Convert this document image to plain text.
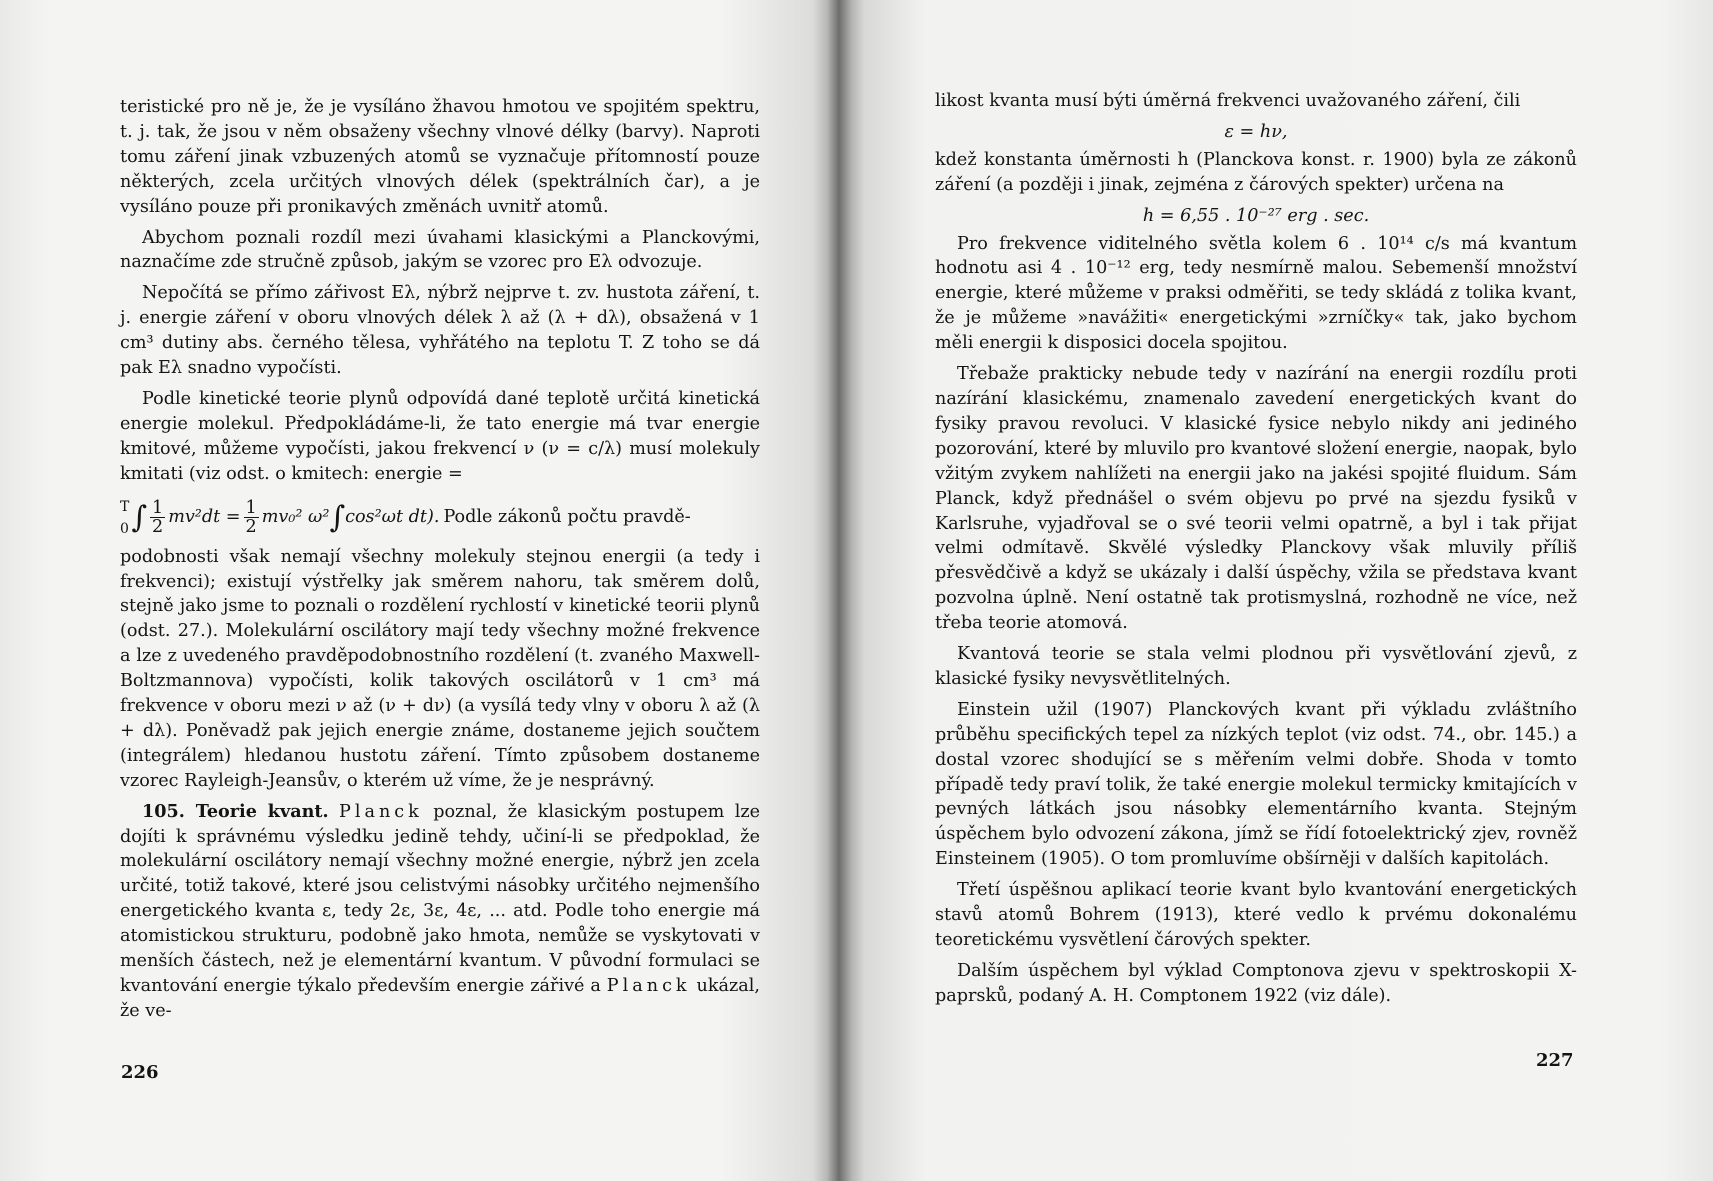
teristické pro ně je, že je vysíláno žhavou hmotou ve spojitém spektru, t. j. tak, že jsou v něm obsaženy všechny vlnové délky (barvy). Naproti tomu záření jinak vzbuzených atomů se vyznačuje přítomností pouze některých, zcela určitých vlnových délek (spektrálních čar), a je vysíláno pouze při pronikavých změnách uvnitř atomů.

Abychom poznali rozdíl mezi úvahami klasickými a Planckovými, naznačíme zde stručně způsob, jakým se vzorec pro Eλ odvozuje.

Nepočítá se přímo zářivost Eλ, nýbrž nejprve t. zv. hustota záření, t. j. energie záření v oboru vlnových délek λ až (λ + dλ), obsažená v 1 cm³ dutiny abs. černého tělesa, vyhřátého na teplotu T. Z toho se dá pak Eλ snadno vypočísti.

Podle kinetické teorie plynů odpovídá dané teplotě určitá kinetická energie molekul. Předpokládáme-li, že tato energie má tvar energie kmitové, můžeme vypočísti, jakou frekvencí ν (ν = c/λ) musí molekuly kmitati (viz odst. o kmitech: energie =

T
0 ∫ $\frac{1}{2} mv^2dt = \frac{1}{2} mv_0^2$ ω² ∫ cos²ωt dt). Podle zákonů počtu pravdě-

podobnosti však nemají všechny molekuly stejnou energii (a tedy i frekvenci); existují výstřelky jak směrem nahoru, tak směrem dolů, stejně jako jsme to poznali o rozdělení rychlostí v kinetické teorii plynů (odst. 27.). Molekulární oscilátory mají tedy všechny možné frekvence a lze z uvedeného pravděpodobnostního rozdělení (t. zvaného Maxwell-Boltzmannova) vypočísti, kolik takových oscilátorů v 1 cm³ má frekvence v oboru mezi ν až (ν + dν) (a vysílá tedy vlny v oboru λ až (λ + dλ). Poněvadž pak jejich energie známe, dostaneme jejich součtem (integrálem) hledanou hustotu záření. Tímto způsobem dostaneme vzorec Rayleigh-Jeansův, o kterém už víme, že je nesprávný.

105. Teorie kvant. Planck poznal, že klasickým postupem lze dojíti k správnému výsledku jedině tehdy, učiní-li se předpoklad, že molekulární oscilátory nemají všechny možné energie, nýbrž jen zcela určité, totiž takové, které jsou celistvými násobky určitého nejmenšího energetického kvanta ε, tedy 2ε, 3ε, 4ε, ... atd. Podle toho energie má atomistickou strukturu, podobně jako hmota, nemůže se vyskytovati v menších částech, než je elementární kvantum. V původní formulaci se kvantování energie týkalo především energie zářivé a Planck ukázal, že ve-

226

likost kvanta musí býti úměrná frekvenci uvažovaného záření, čili

ε = hν,

kdež konstanta úměrnosti h (Planckova konst. r. 1900) byla ze zákonů záření (a později i jinak, zejména z čárových spekter) určena na

h = 6,55 . 10⁻²⁷ erg . sec.

Pro frekvence viditelného světla kolem 6 . 10¹⁴ c/s má kvantum hodnotu asi 4 . 10⁻¹² erg, tedy nesmírně malou. Sebemenší množství energie, které můžeme v praksi odměřiti, se tedy skládá z tolika kvant, že je můžeme »navážiti« energetickými »zrníčky« tak, jako bychom měli energii k disposici docela spojitou.

Třebaže prakticky nebude tedy v nazírání na energii rozdílu proti nazírání klasickému, znamenalo zavedení energetických kvant do fysiky pravou revoluci. V klasické fysice nebylo nikdy ani jediného pozorování, které by mluvilo pro kvantové složení energie, naopak, bylo vžitým zvykem nahlížeti na energii jako na jakési spojité fluidum. Sám Planck, když přednášel o svém objevu po prvé na sjezdu fysiků v Karlsruhe, vyjadřoval se o své teorii velmi opatrně, a byl i tak přijat velmi odmítavě. Skvělé výsledky Planckovy však mluvily příliš přesvědčivě a když se ukázaly i další úspěchy, vžila se představa kvant pozvolna úplně. Není ostatně tak protismyslná, rozhodně ne více, než třeba teorie atomová.

Kvantová teorie se stala velmi plodnou při vysvětlování zjevů, z klasické fysiky nevysvětlitelných.

Einstein užil (1907) Planckových kvant při výkladu zvláštního průběhu specifických tepel za nízkých teplot (viz odst. 74., obr. 145.) a dostal vzorec shodující se s měřením velmi dobře. Shoda v tomto případě tedy praví tolik, že také energie molekul termicky kmitajících v pevných látkách jsou násobky elementárního kvanta. Stejným úspěchem bylo odvození zákona, jímž se řídí fotoelektrický zjev, rovněž Einsteinem (1905). O tom promluvíme obšírněji v dalších kapitolách.

Třetí úspěšnou aplikací teorie kvant bylo kvantování energetických stavů atomů Bohrem (1913), které vedlo k prvému dokonalému teoretickému vysvětlení čárových spekter.

Dalším úspěchem byl výklad Comptonova zjevu v spektroskopii X-paprsků, podaný A. H. Comptonem 1922 (viz dále).

227
